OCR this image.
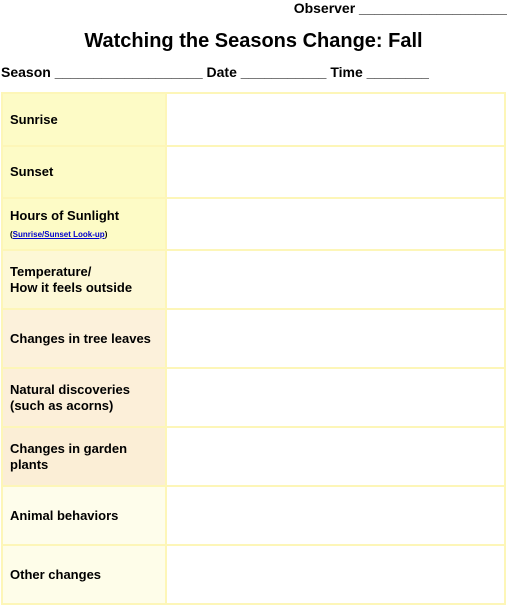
Observer ___________________
Watching the Seasons Change: Fall
Season ___________________ Date ___________ Time ________
Sunrise	
Sunset	
Hours of Sunlight
(Sunrise/Sunset Look-up)	

Temperature/
How it feels outside	
Changes in tree leaves	
Natural discoveries
(such as acorns)	
Changes in garden
plants	
Animal behaviors	
Other changes	
